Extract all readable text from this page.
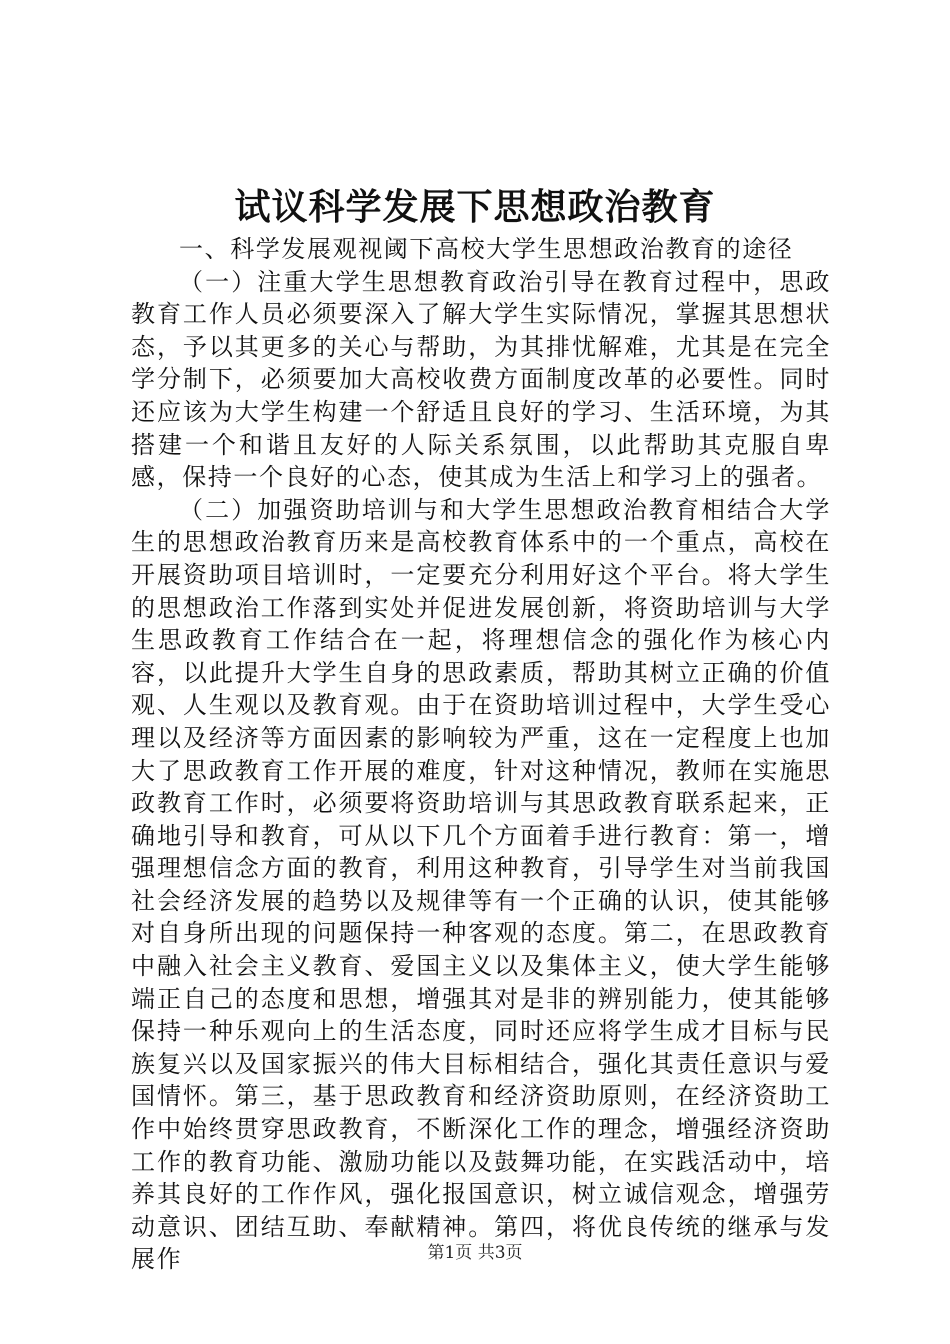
试议科学发展下思想政治教育

一、科学发展观视阈下高校大学生思想政治教育的途径

（一）注重大学生思想教育政治引导在教育过程中，思政教育工作人员必须要深入了解大学生实际情况，掌握其思想状态，予以其更多的关心与帮助，为其排忧解难，尤其是在完全学分制下，必须要加大高校收费方面制度改革的必要性。同时还应该为大学生构建一个舒适且良好的学习、生活环境，为其搭建一个和谐且友好的人际关系氛围，以此帮助其克服自卑感，保持一个良好的心态，使其成为生活上和学习上的强者。

（二）加强资助培训与和大学生思想政治教育相结合大学生的思想政治教育历来是高校教育体系中的一个重点，高校在开展资助项目培训时，一定要充分利用好这个平台。将大学生的思想政治工作落到实处并促进发展创新，将资助培训与大学生思政教育工作结合在一起，将理想信念的强化作为核心内容，以此提升大学生自身的思政素质，帮助其树立正确的价值观、人生观以及教育观。由于在资助培训过程中，大学生受心理以及经济等方面因素的影响较为严重，这在一定程度上也加大了思政教育工作开展的难度，针对这种情况，教师在实施思政教育工作时，必须要将资助培训与其思政教育联系起来，正确地引导和教育，可从以下几个方面着手进行教育：第一，增强理想信念方面的教育，利用这种教育，引导学生对当前我国社会经济发展的趋势以及规律等有一个正确的认识，使其能够对自身所出现的问题保持一种客观的态度。第二，在思政教育中融入社会主义教育、爱国主义以及集体主义，使大学生能够端正自己的态度和思想，增强其对是非的辨别能力，使其能够保持一种乐观向上的生活态度，同时还应将学生成才目标与民族复兴以及国家振兴的伟大目标相结合，强化其责任意识与爱国情怀。第三，基于思政教育和经济资助原则，在经济资助工作中始终贯穿思政教育，不断深化工作的理念，增强经济资助工作的教育功能、激励功能以及鼓舞功能，在实践活动中，培养其良好的工作作风，强化报国意识，树立诚信观念，增强劳动意识、团结互助、奉献精神。第四，将优良传统的继承与发展作	第1页 共3页
